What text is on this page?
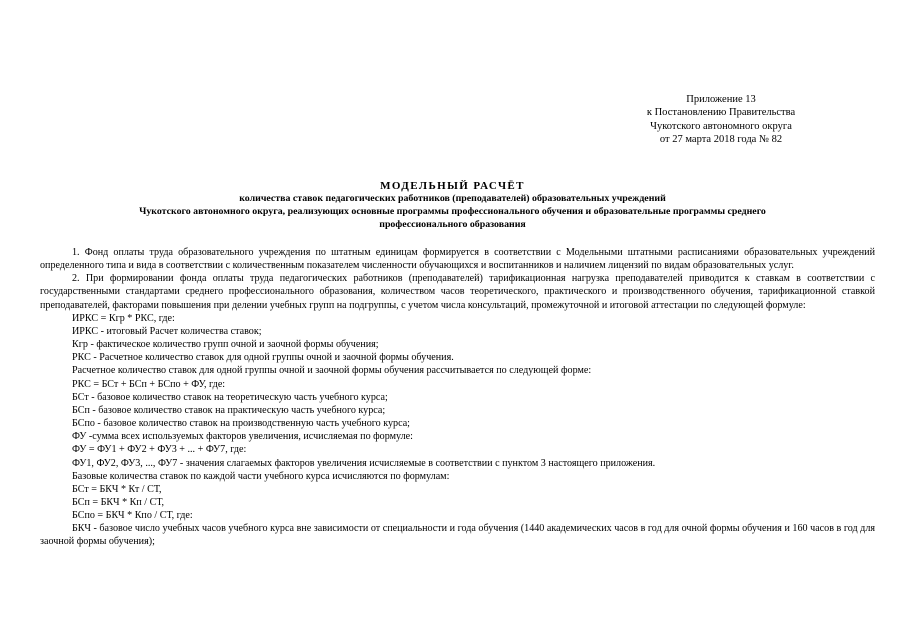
Приложение 13
к Постановлению Правительства
Чукотского автономного округа
от 27 марта 2018 года № 82
МОДЕЛЬНЫЙ РАСЧЁТ
количества ставок педагогических работников (преподавателей) образовательных учреждений
Чукотского автономного округа, реализующих основные программы профессионального обучения и образовательные программы среднего
профессионального образования

1. Фонд оплаты труда образовательного учреждения по штатным единицам формируется в соответствии с Модельными штатными расписаниями образовательных учреждений определенного типа и вида в соответствии с количественным показателем численности обучающихся и воспитанников и наличием лицензий по видам образовательных услуг.

2. При формировании фонда оплаты труда педагогических работников (преподавателей) тарификационная нагрузка преподавателей приводится к ставкам в соответствии с государственными стандартами среднего профессионального образования, количеством часов теоретического, практического и производственного обучения, тарификационной ставкой преподавателей, факторами повышения при делении учебных групп на подгруппы, с учетом числа консультаций, промежуточной и итоговой аттестации по следующей формуле:

ИРКС = Кгр * РКС, где:
ИРКС - итоговый Расчет количества ставок;
Кгр - фактическое количество групп очной и заочной формы обучения;
РКС - Расчетное количество ставок для одной группы очной и заочной формы обучения.
Расчетное количество ставок для одной группы очной и заочной формы обучения рассчитывается по следующей форме:
РКС = БСт + БСп + БСпо + ФУ, где:
БСт - базовое количество ставок на теоретическую часть учебного курса;
БСп - базовое количество ставок на практическую часть учебного курса;
БСпо - базовое количество ставок на производственную часть учебного курса;
ФУ -сумма всех используемых факторов увеличения, исчисляемая по формуле:
ФУ = ФУ1 + ФУ2 + ФУ3 + ... + ФУ7, где:
ФУ1, ФУ2, ФУ3, ..., ФУ7 - значения слагаемых факторов увеличения исчисляемые в соответствии с пунктом 3 настоящего приложения.
Базовые количества ставок по каждой части учебного курса исчисляются по формулам:
БСт = БКЧ * Кт / СТ,
БСп = БКЧ * Кп / СТ,
БСпо = БКЧ * Кпо / СТ, где:

БКЧ - базовое число учебных часов учебного курса вне зависимости от специальности и года обучения (1440 академических часов в год для очной формы обучения и 160 часов в год для заочной формы обучения);
